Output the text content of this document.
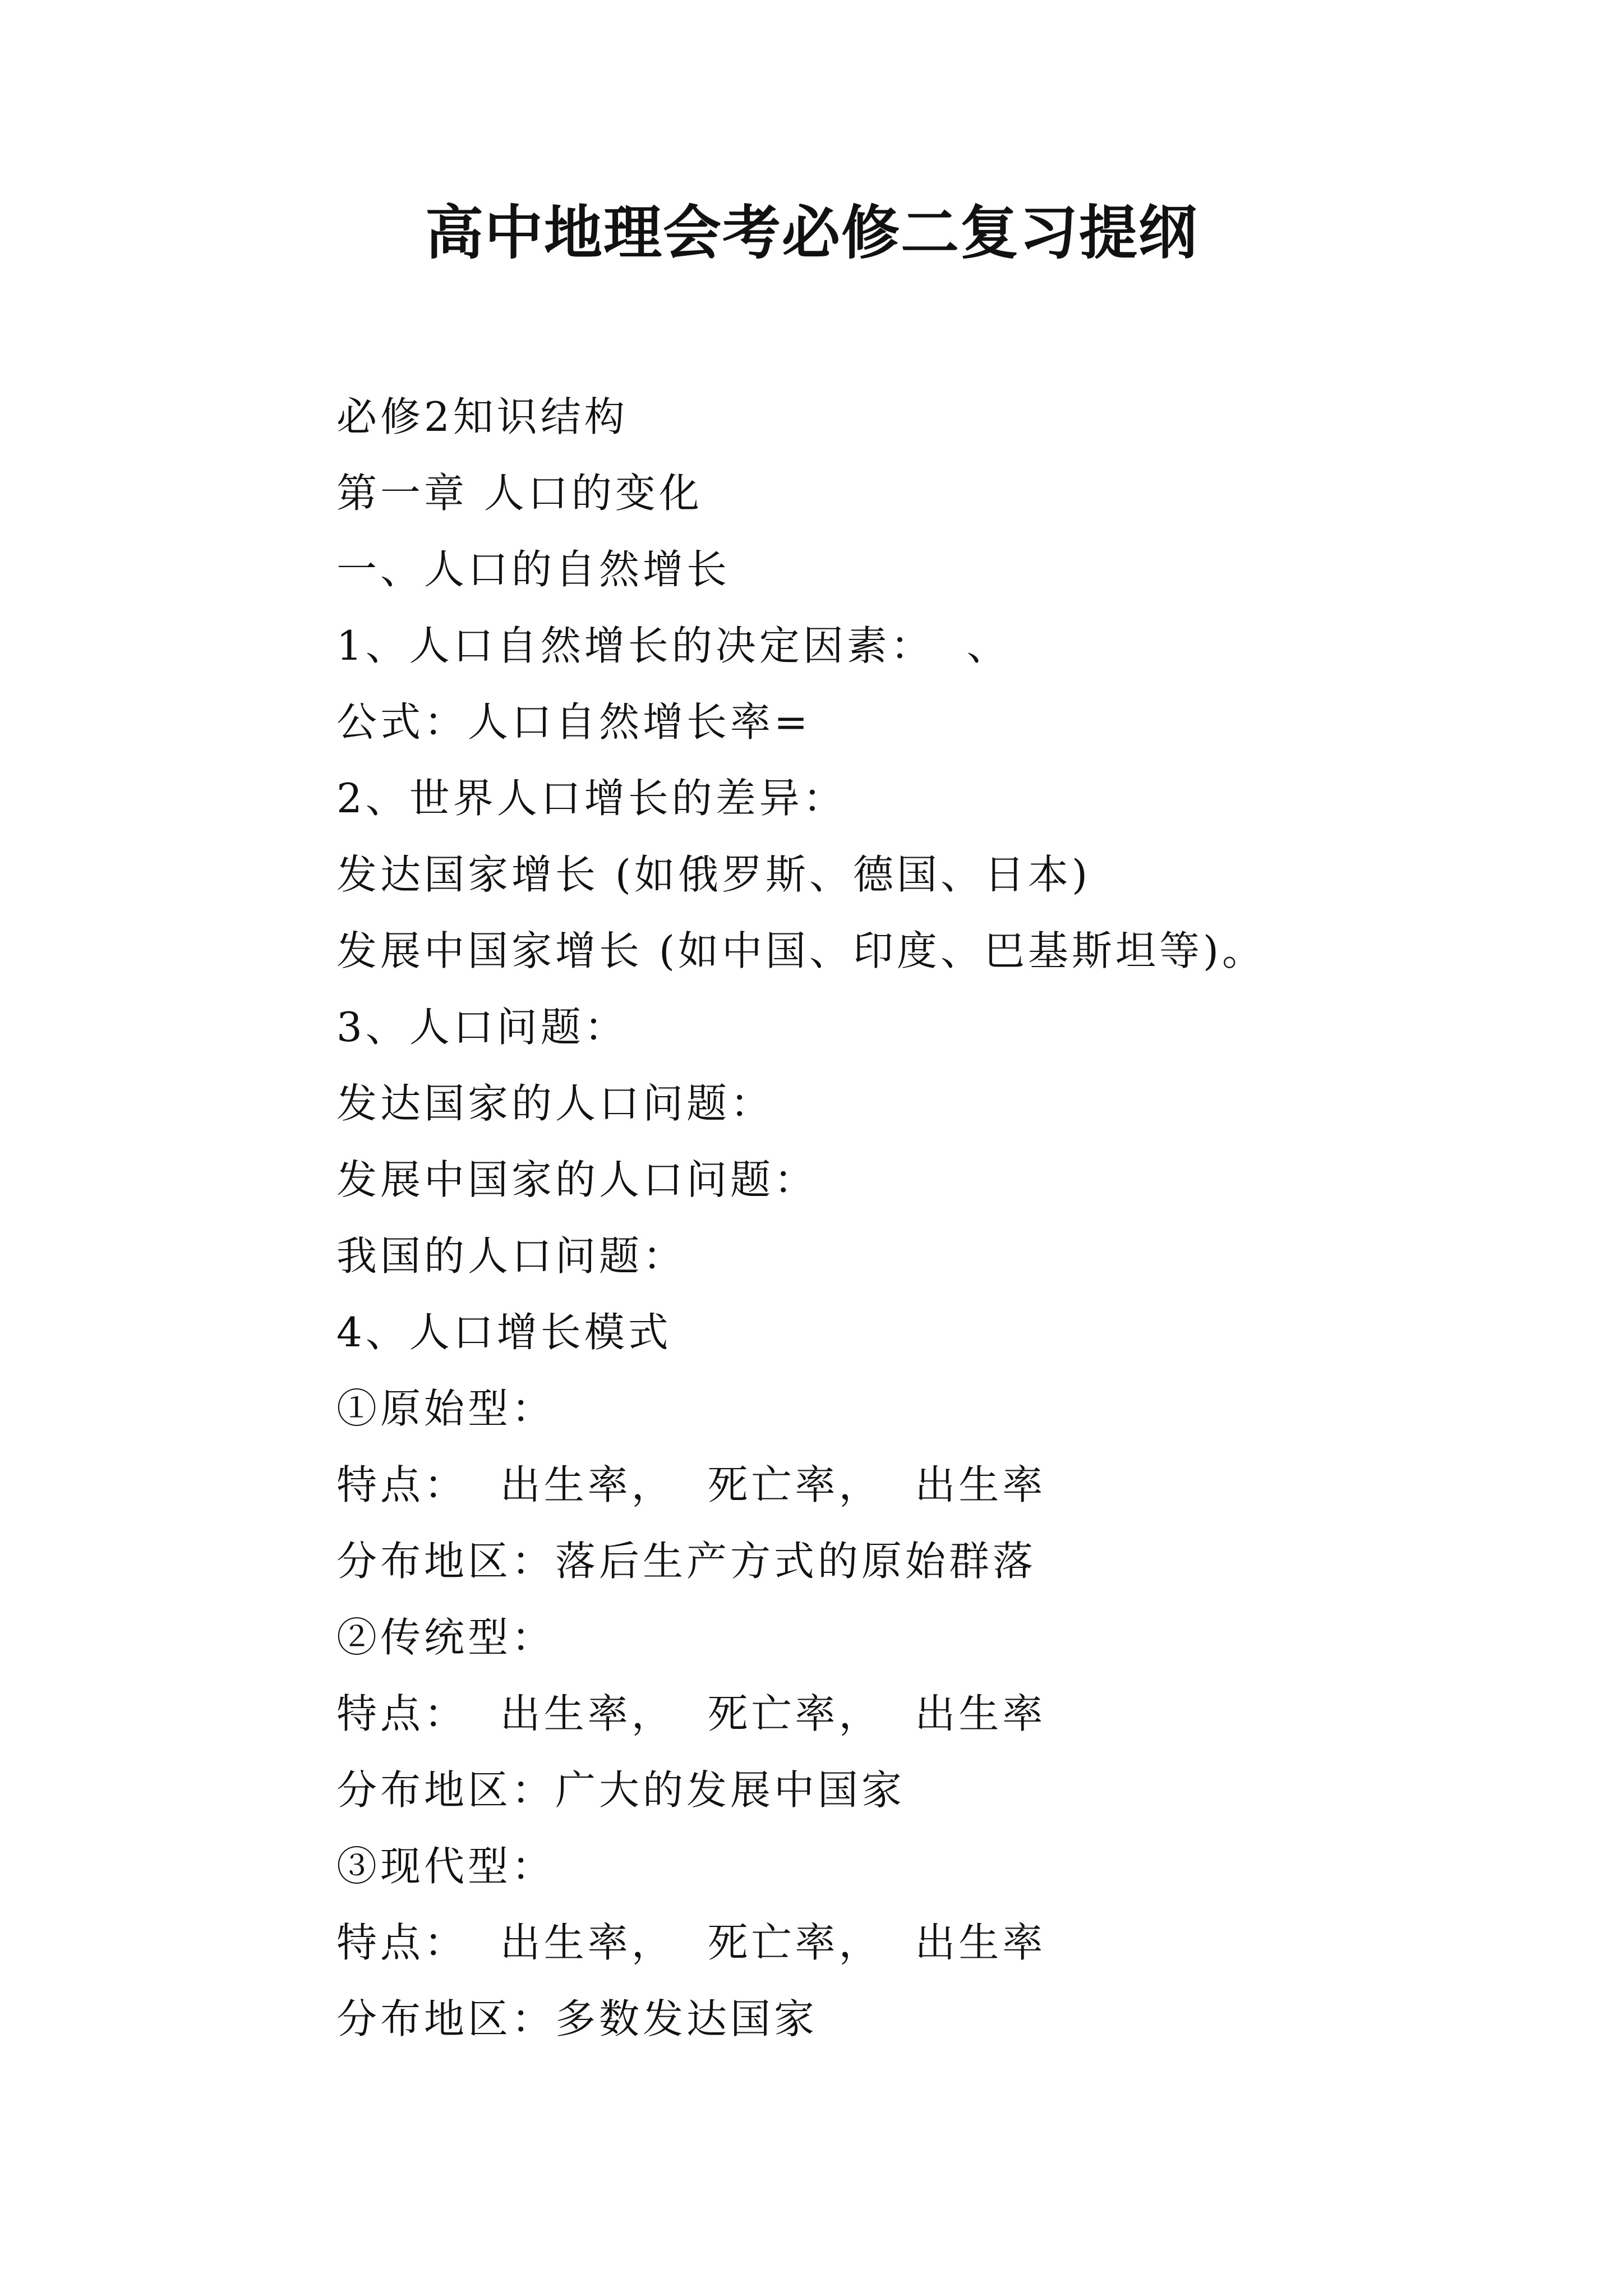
高中地理会考必修二复习提纲

必修2知识结构

第一章 人口的变化

一、人口的自然增长

1、人口自然增长的决定因素：  、

公式：人口自然增长率=

2、世界人口增长的差异：

发达国家增长 (如俄罗斯、德国、日本)

发展中国家增长 (如中国、印度、巴基斯坦等)。

3、人口问题：

发达国家的人口问题：

发展中国家的人口问题：

我国的人口问题：

4、人口增长模式

①原始型：

特点：  出生率，  死亡率，  出生率

分布地区：落后生产方式的原始群落

②传统型：

特点：  出生率，  死亡率，  出生率

分布地区：广大的发展中国家

③现代型：

特点：  出生率，  死亡率，  出生率

分布地区：多数发达国家
